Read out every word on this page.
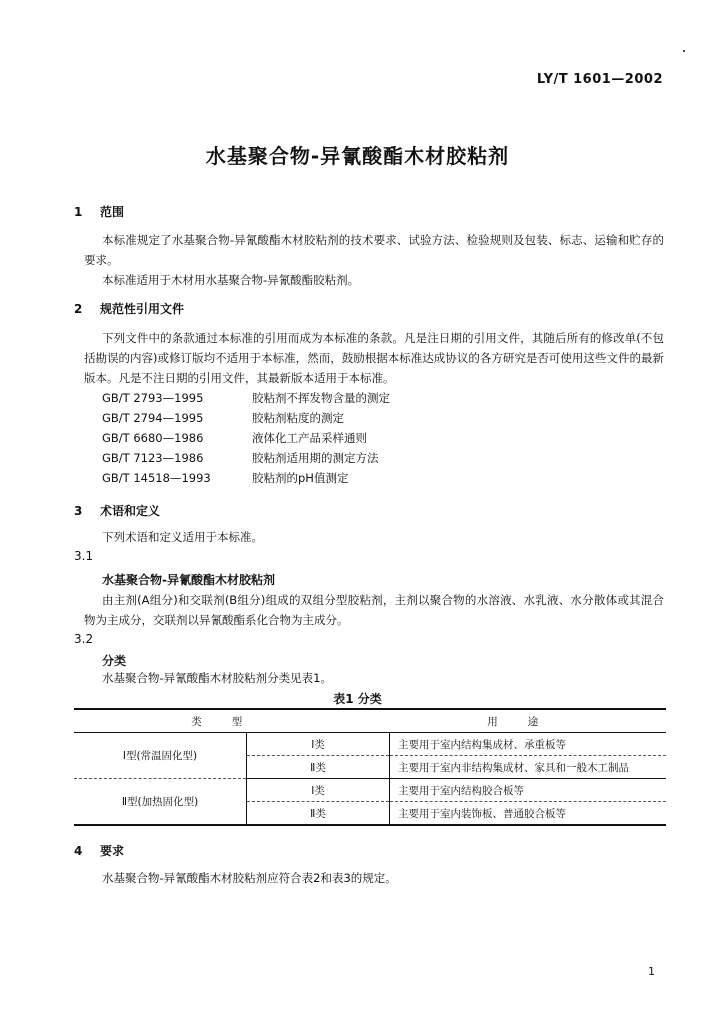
LY/T 1601—2002
水基聚合物-异氰酸酯木材胶粘剂
1 范围
本标准规定了水基聚合物-异氰酸酯木材胶粘剂的技术要求、试验方法、检验规则及包装、标志、运输和贮存的要求。
本标准适用于木材用水基聚合物-异氰酸酯胶粘剂。
2 规范性引用文件
下列文件中的条款通过本标准的引用而成为本标准的条款。凡是注日期的引用文件，其随后所有的修改单(不包括勘误的内容)或修订版均不适用于本标准，然而，鼓励根据本标准达成协议的各方研究是否可使用这些文件的最新版本。凡是不注日期的引用文件，其最新版本适用于本标准。
GB/T 2793—1995	胶粘剂不挥发物含量的测定
GB/T 2794—1995	胶粘剂粘度的测定
GB/T 6680—1986	液体化工产品采样通则
GB/T 7123—1986	胶粘剂适用期的测定方法
GB/T 14518—1993	胶粘剂的pH值测定
3 术语和定义
下列术语和定义适用于本标准。
3.1
水基聚合物-异氰酸酯木材胶粘剂
由主剂(A组分)和交联剂(B组分)组成的双组分型胶粘剂，主剂以聚合物的水溶液、水乳液、水分散体或其混合物为主成分，交联剂以异氰酸酯系化合物为主成分。
3.2
分类
水基聚合物-异氰酸酯木材胶粘剂分类见表1。
表1 分类
类型		用途
Ⅰ型(常温固化型)	Ⅰ类	主要用于室内结构集成材、承重板等
	Ⅱ类	主要用于室内非结构集成材、家具和一般木工制品
Ⅱ型(加热固化型)	Ⅰ类	主要用于室内结构胶合板等
	Ⅱ类	主要用于室内装饰板、普通胶合板等
4 要求
水基聚合物-异氰酸酯木材胶粘剂应符合表2和表3的规定。
1
